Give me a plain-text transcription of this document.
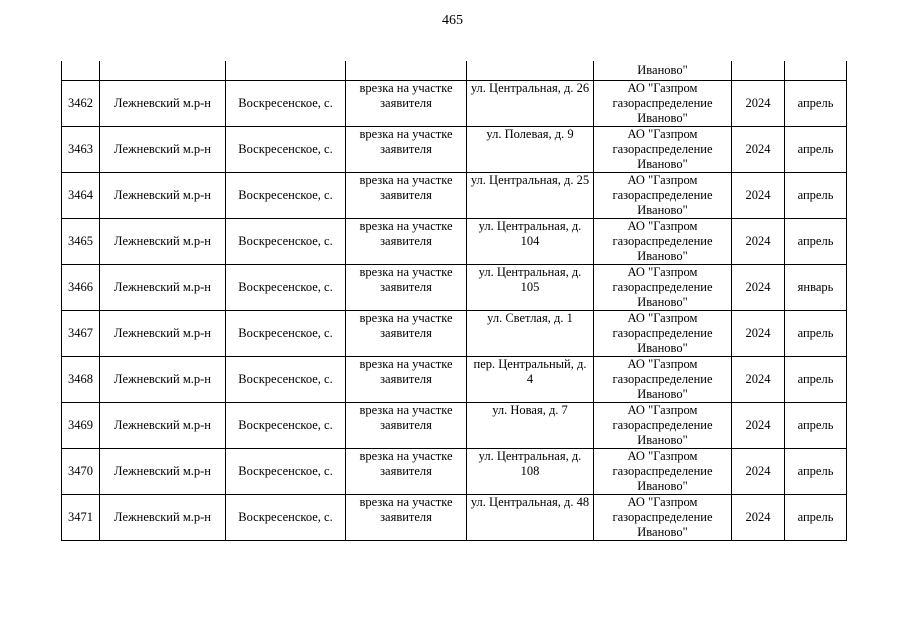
465
					Иваново"		
3462	Лежневский м.р-н	Воскресенское, с.	врезка на участке заявителя	ул. Центральная, д. 26	АО "Газпром газораспределение Иваново"	2024	апрель
3463	Лежневский м.р-н	Воскресенское, с.	врезка на участке заявителя	ул. Полевая, д. 9	АО "Газпром газораспределение Иваново"	2024	апрель
3464	Лежневский м.р-н	Воскресенское, с.	врезка на участке заявителя	ул. Центральная, д. 25	АО "Газпром газораспределение Иваново"	2024	апрель
3465	Лежневский м.р-н	Воскресенское, с.	врезка на участке заявителя	ул. Центральная, д. 104	АО "Газпром газораспределение Иваново"	2024	апрель
3466	Лежневский м.р-н	Воскресенское, с.	врезка на участке заявителя	ул. Центральная, д. 105	АО "Газпром газораспределение Иваново"	2024	январь
3467	Лежневский м.р-н	Воскресенское, с.	врезка на участке заявителя	ул. Светлая, д. 1	АО "Газпром газораспределение Иваново"	2024	апрель
3468	Лежневский м.р-н	Воскресенское, с.	врезка на участке заявителя	пер. Центральный, д. 4	АО "Газпром газораспределение Иваново"	2024	апрель
3469	Лежневский м.р-н	Воскресенское, с.	врезка на участке заявителя	ул. Новая, д. 7	АО "Газпром газораспределение Иваново"	2024	апрель
3470	Лежневский м.р-н	Воскресенское, с.	врезка на участке заявителя	ул. Центральная, д. 108	АО "Газпром газораспределение Иваново"	2024	апрель
3471	Лежневский м.р-н	Воскресенское, с.	врезка на участке заявителя	ул. Центральная, д. 48	АО "Газпром газораспределение Иваново"	2024	апрель
